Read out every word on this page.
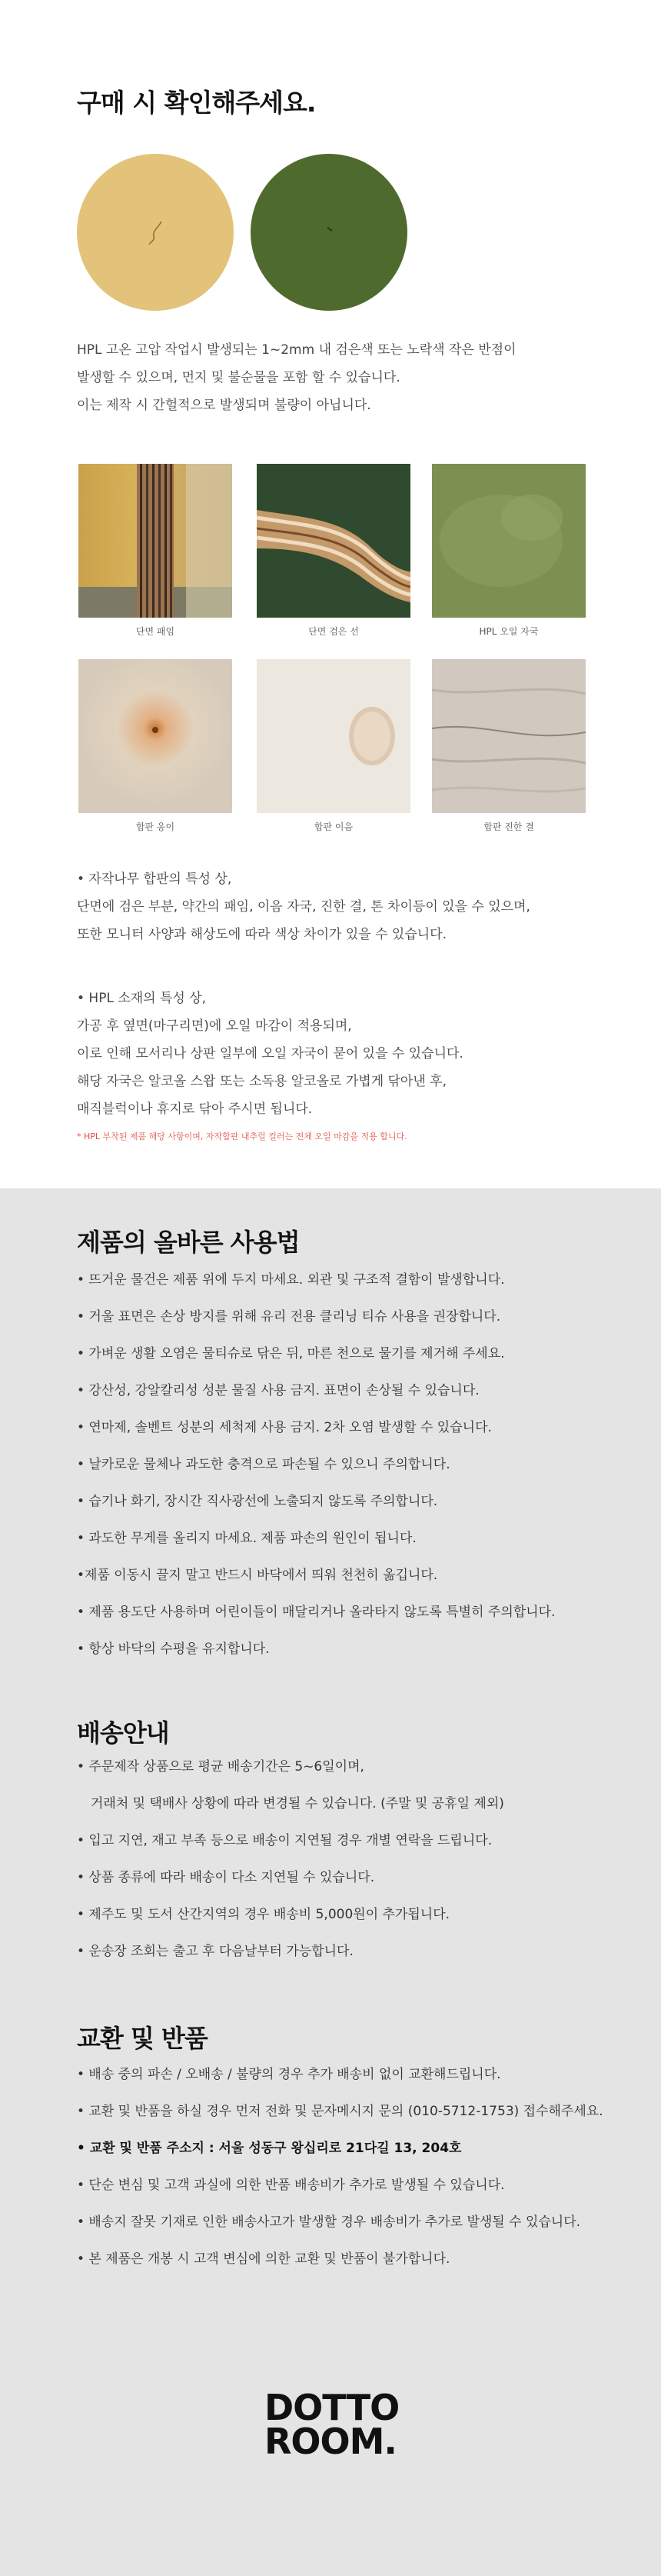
구매 시 확인해주세요.

HPL 고온 고압 작업시 발생되는 1~2mm 내 검은색 또는 노락색 작은 반점이

발생할 수 있으며, 먼지 및 불순물을 포함 할 수 있습니다.

이는 제작 시 간헐적으로 발생되며 불량이 아닙니다.

단면 패임	단면 검은 선	HPL 오일 자국
합판 옹이	합판 이음	합판 진한 결

• 자작나무 합판의 특성 상,

단면에 검은 부분, 약간의 패임, 이음 자국, 진한 결, 톤 차이등이 있을 수 있으며,

또한 모니터 사양과 해상도에 따라 색상 차이가 있을 수 있습니다.

• HPL 소재의 특성 상,

가공 후 옆면(마구리면)에 오일 마감이 적용되며,

이로 인해 모서리나 상판 일부에 오일 자국이 묻어 있을 수 있습니다.

해당 자국은 알코올 스왑 또는 소독용 알코올로 가볍게 닦아낸 후,

매직블럭이나 휴지로 닦아 주시면 됩니다.

* HPL 부착된 제품 해당 사항이며, 자작합판 내추럴 컬러는 전체 오일 마감을 적용 합니다.

제품의 올바른 사용법
• 뜨거운 물건은 제품 위에 두지 마세요. 외관 및 구조적 결함이 발생합니다.
• 거울 표면은 손상 방지를 위해 유리 전용 클리닝 티슈 사용을 권장합니다.
• 가벼운 생활 오염은 물티슈로 닦은 뒤, 마른 천으로 물기를 제거해 주세요.
• 강산성, 강알칼리성 성분 물질 사용 금지. 표면이 손상될 수 있습니다.
• 연마제, 솔벤트 성분의 세척제 사용 금지. 2차 오염 발생할 수 있습니다.
• 날카로운 물체나 과도한 충격으로 파손될 수 있으니 주의합니다.
• 습기나 화기, 장시간 직사광선에 노출되지 않도록 주의합니다.
• 과도한 무게를 올리지 마세요. 제품 파손의 원인이 됩니다.
•제품 이동시 끌지 말고 반드시 바닥에서 띄워 천천히 옮깁니다.
• 제품 용도단 사용하며 어린이들이 매달리거나 올라타지 않도록 특별히 주의합니다.
• 항상 바닥의 수평을 유지합니다.
배송안내
• 주문제작 상품으로 평균 배송기간은 5~6일이며,
거래처 및 택배사 상황에 따라 변경될 수 있습니다. (주말 및 공휴일 제외)
• 입고 지연, 재고 부족 등으로 배송이 지연될 경우 개별 연락을 드립니다.
• 상품 종류에 따라 배송이 다소 지연될 수 있습니다.
• 제주도 및 도서 산간지역의 경우 배송비 5,000원이 추가됩니다.
• 운송장 조회는 출고 후 다음날부터 가능합니다.
교환 및 반품
• 배송 중의 파손 / 오배송 / 불량의 경우 추가 배송비 없이 교환해드립니다.
• 교환 및 반품을 하실 경우 먼저 전화 및 문자메시지 문의 (010-5712-1753) 접수해주세요.
• 교환 및 반품 주소지 : 서울 성동구 왕십리로 21다길 13, 204호
• 단순 변심 및 고객 과실에 의한 반품 배송비가 추가로 발생될 수 있습니다.
• 배송지 잘못 기재로 인한 배송사고가 발생할 경우 배송비가 추가로 발생될 수 있습니다.
• 본 제품은 개봉 시 고객 변심에 의한 교환 및 반품이 불가합니다.
DOTTO
ROOM.
